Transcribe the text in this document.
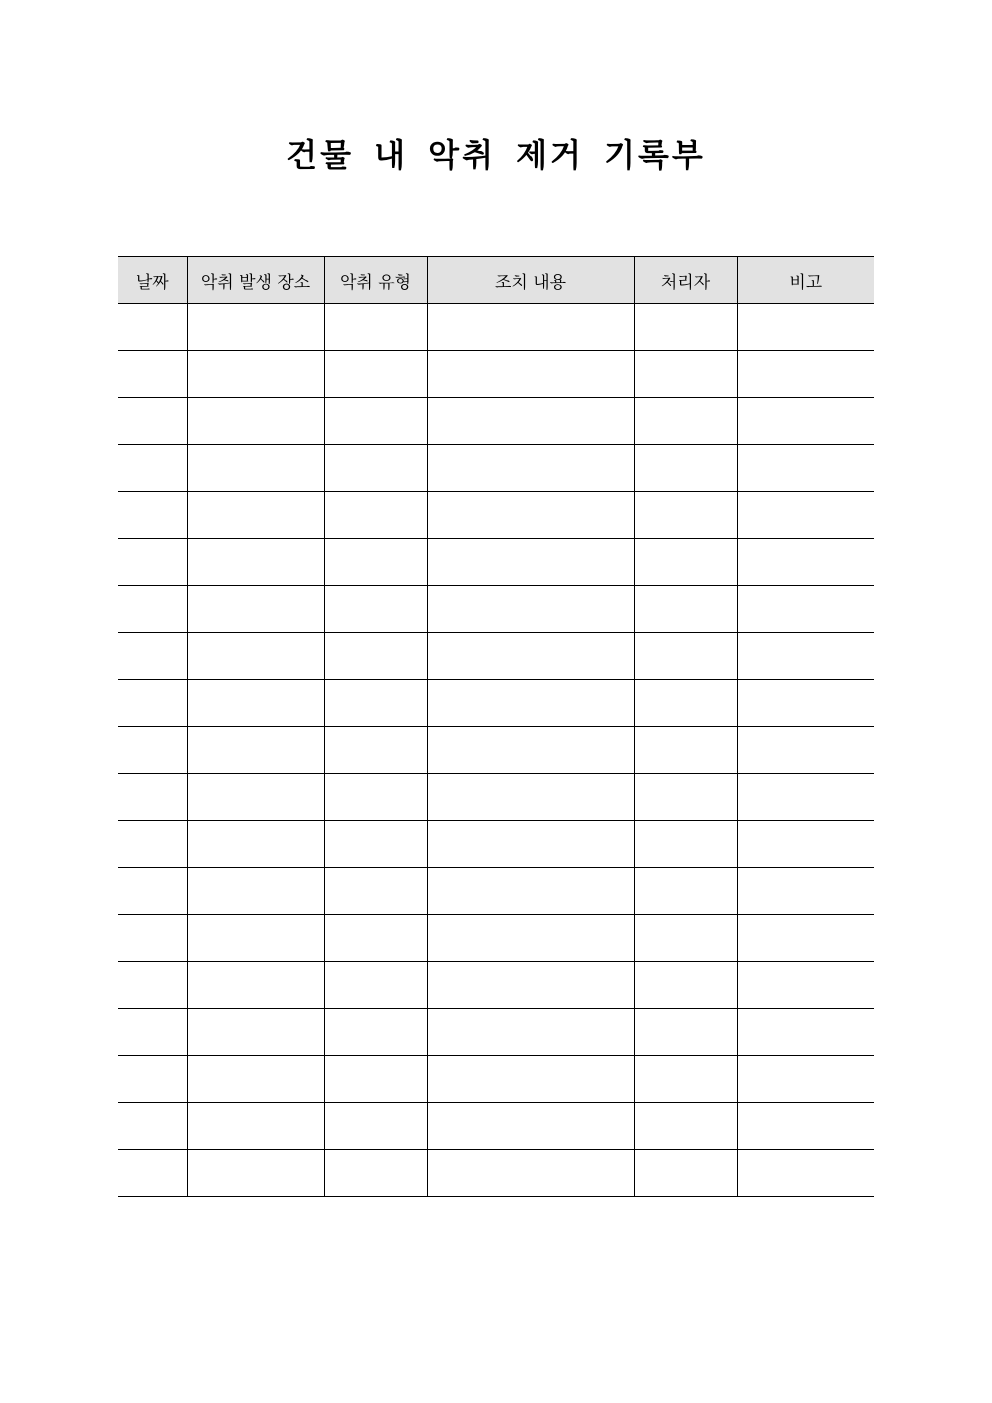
건물 내 악취 제거 기록부
날짜	악취 발생 장소	악취 유형	조치 내용	처리자	비고
